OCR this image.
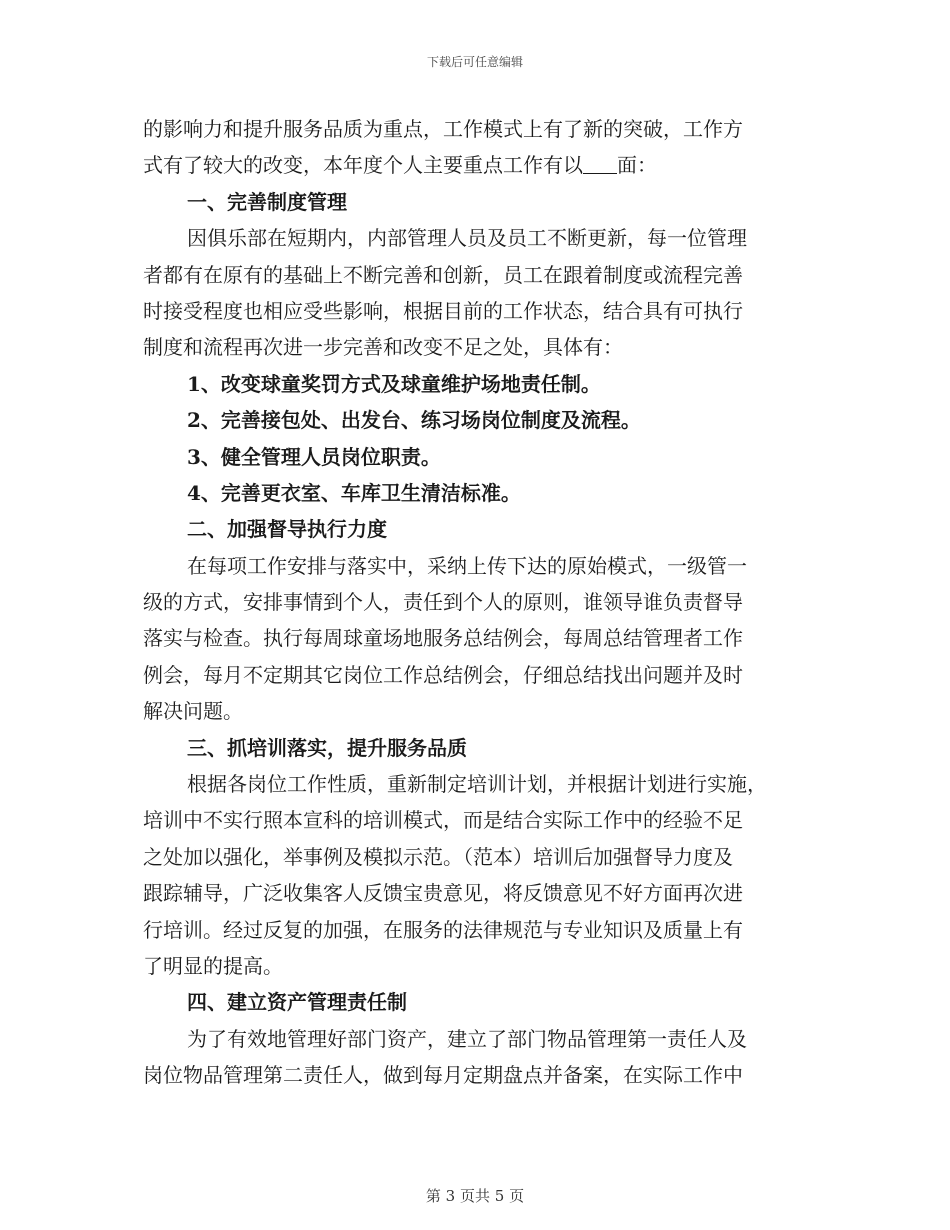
下载后可任意编辑
的影响力和提升服务品质为重点，工作模式上有了新的突破，工作方
式有了较大的改变，本年度个人主要重点工作有以 面：
一、完善制度管理
因俱乐部在短期内，内部管理人员及员工不断更新，每一位管理
者都有在原有的基础上不断完善和创新，员工在跟着制度或流程完善
时接受程度也相应受些影响，根据目前的工作状态，结合具有可执行
制度和流程再次进一步完善和改变不足之处，具体有：
1、改变球童奖罚方式及球童维护场地责任制。
2、完善接包处、出发台、练习场岗位制度及流程。
3、健全管理人员岗位职责。
4、完善更衣室、车库卫生清洁标准。
二、加强督导执行力度
在每项工作安排与落实中，采纳上传下达的原始模式，一级管一
级的方式，安排事情到个人，责任到个人的原则，谁领导谁负责督导
落实与检查。执行每周球童场地服务总结例会，每周总结管理者工作
例会，每月不定期其它岗位工作总结例会，仔细总结找出问题并及时
解决问题。
三、抓培训落实，提升服务品质
根据各岗位工作性质，重新制定培训计划，并根据计划进行实施，
培训中不实行照本宣科的培训模式，而是结合实际工作中的经验不足
之处加以强化，举事例及模拟示范。（范本）培训后加强督导力度及
跟踪辅导，广泛收集客人反馈宝贵意见，将反馈意见不好方面再次进
行培训。经过反复的加强，在服务的法律规范与专业知识及质量上有
了明显的提高。
四、建立资产管理责任制
为了有效地管理好部门资产，建立了部门物品管理第一责任人及
岗位物品管理第二责任人，做到每月定期盘点并备案，在实际工作中
第 3 页共 5 页
